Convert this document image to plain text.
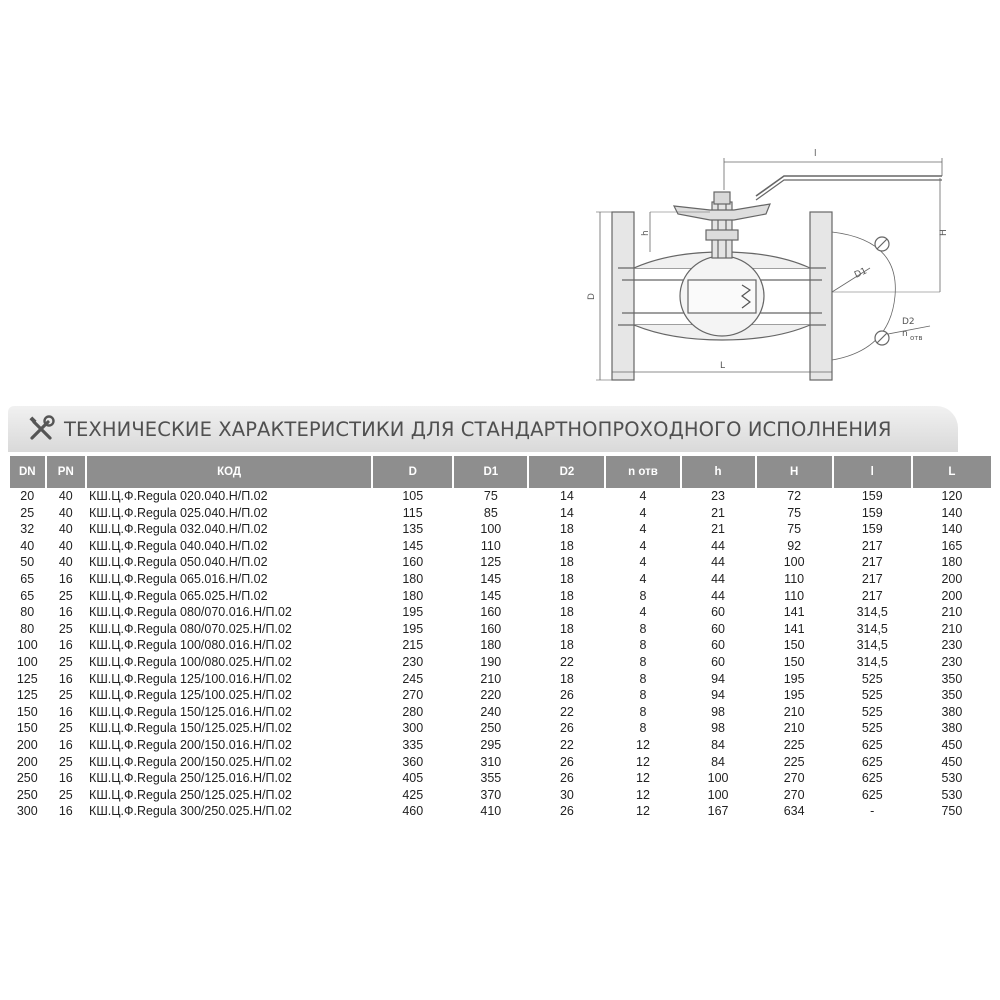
l
H
h
D
D1
D2
n отв
L
ТЕХНИЧЕСКИЕ ХАРАКТЕРИСТИКИ ДЛЯ СТАНДАРТНОПРОХОДНОГО ИСПОЛНЕНИЯ
DN	PN	КОД	D	D1	D2	n отв	h	H	l	L
20	40	КШ.Ц.Ф.Regula 020.040.Н/П.02	105	75	14	4	23	72	159	120
25	40	КШ.Ц.Ф.Regula 025.040.Н/П.02	115	85	14	4	21	75	159	140
32	40	КШ.Ц.Ф.Regula 032.040.Н/П.02	135	100	18	4	21	75	159	140
40	40	КШ.Ц.Ф.Regula 040.040.Н/П.02	145	110	18	4	44	92	217	165
50	40	КШ.Ц.Ф.Regula 050.040.Н/П.02	160	125	18	4	44	100	217	180
65	16	КШ.Ц.Ф.Regula 065.016.Н/П.02	180	145	18	4	44	110	217	200
65	25	КШ.Ц.Ф.Regula 065.025.Н/П.02	180	145	18	8	44	110	217	200
80	16	КШ.Ц.Ф.Regula 080/070.016.Н/П.02	195	160	18	4	60	141	314,5	210
80	25	КШ.Ц.Ф.Regula 080/070.025.Н/П.02	195	160	18	8	60	141	314,5	210
100	16	КШ.Ц.Ф.Regula 100/080.016.Н/П.02	215	180	18	8	60	150	314,5	230
100	25	КШ.Ц.Ф.Regula 100/080.025.Н/П.02	230	190	22	8	60	150	314,5	230
125	16	КШ.Ц.Ф.Regula 125/100.016.Н/П.02	245	210	18	8	94	195	525	350
125	25	КШ.Ц.Ф.Regula 125/100.025.Н/П.02	270	220	26	8	94	195	525	350
150	16	КШ.Ц.Ф.Regula 150/125.016.Н/П.02	280	240	22	8	98	210	525	380
150	25	КШ.Ц.Ф.Regula 150/125.025.Н/П.02	300	250	26	8	98	210	525	380
200	16	КШ.Ц.Ф.Regula 200/150.016.Н/П.02	335	295	22	12	84	225	625	450
200	25	КШ.Ц.Ф.Regula 200/150.025.Н/П.02	360	310	26	12	84	225	625	450
250	16	КШ.Ц.Ф.Regula 250/125.016.Н/П.02	405	355	26	12	100	270	625	530
250	25	КШ.Ц.Ф.Regula 250/125.025.Н/П.02	425	370	30	12	100	270	625	530
300	16	КШ.Ц.Ф.Regula 300/250.025.Н/П.02	460	410	26	12	167	634	-	750
